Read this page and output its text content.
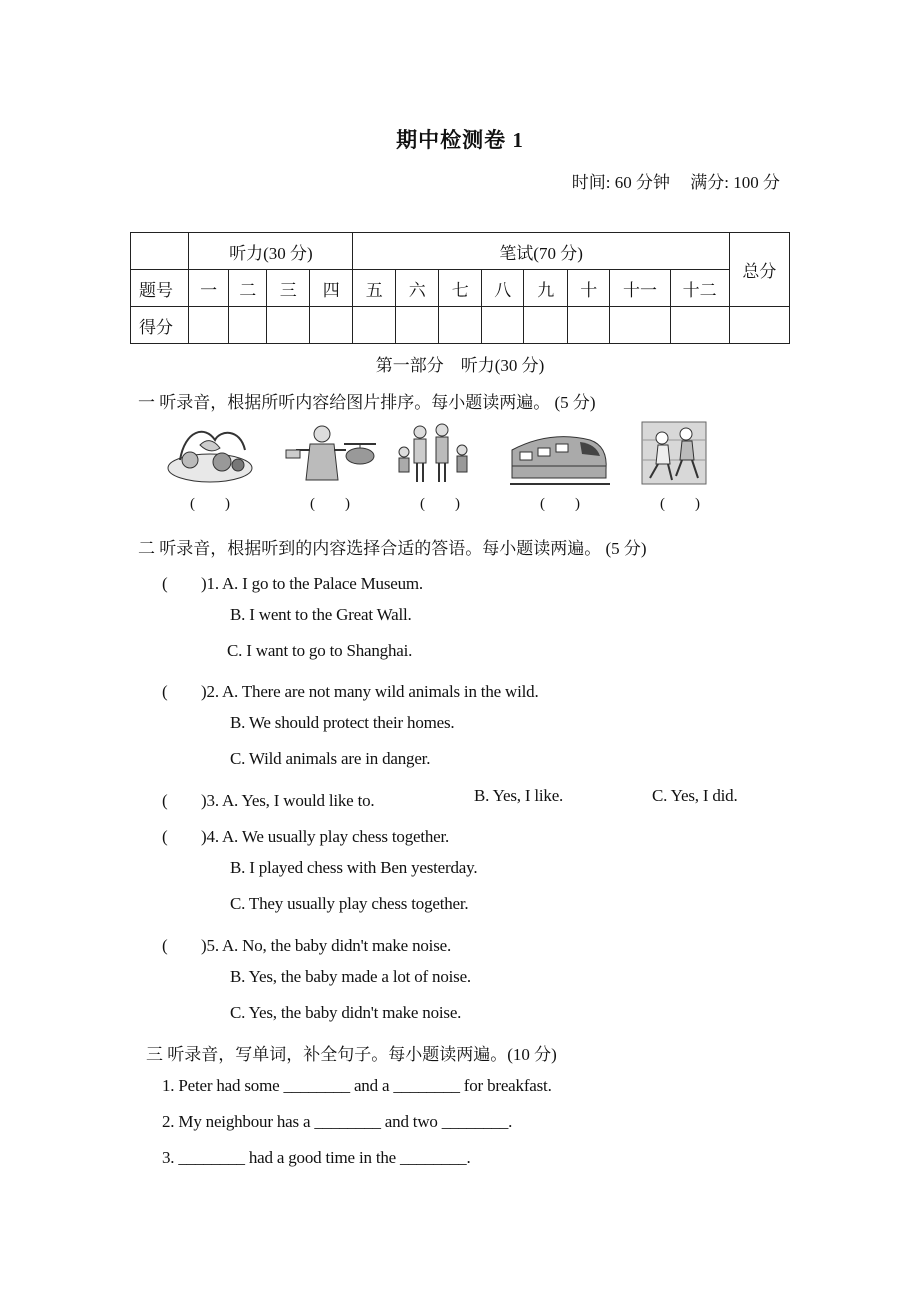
期中检测卷 1
时间: 60 分钟 满分: 100 分
	听力(30 分)				笔试(70 分)								总分
题号	一	二	三	四	五	六	七	八	九	十	十一	十二	
得分													
第一部分　听力(30 分)
一 听录音，根据所听内容给图片排序。每小题读两遍。 (5 分)
(　　)	(　　)	(　　)	(　　)	(　　)
二 听录音，根据听到的内容选择合适的答语。每小题读两遍。 (5 分)
(　　)1. A. I go to the Palace Museum.
B. I went to the Great Wall.
C. I want to go to Shanghai.
(　　)2. A. There are not many wild animals in the wild.
B. We should protect their homes.
C. Wild animals are in danger.
(　　)3. A. Yes, I would like to.	B. Yes, I like.	C. Yes, I did.
(　　)4. A. We usually play chess together.
B. I played chess with Ben yesterday.
C. They usually play chess together.
(　　)5. A. No, the baby didn't make noise.
B. Yes, the baby made a lot of noise.
C. Yes, the baby didn't make noise.
三 听录音，写单词，补全句子。每小题读两遍。(10 分)
1. Peter had some ________ and a ________ for breakfast.
2. My neighbour has a ________ and two ________.
3. ________ had a good time in the ________.
